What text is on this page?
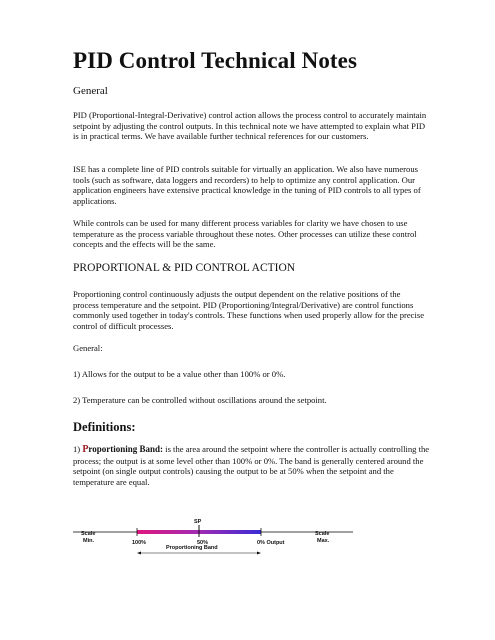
PID Control Technical Notes
General

PID (Proportional-Integral-Derivative) control action allows the process control to accurately maintain setpoint by adjusting the control outputs. In this technical note we have attempted to explain what PID is in practical terms. We have available further technical references for our customers.

ISE has a complete line of PID controls suitable for virtually an application. We also have numerous tools (such as software, data loggers and recorders) to help to optimize any control application. Our application engineers have extensive practical knowledge in the tuning of PID controls to all types of applications.

While controls can be used for many different process variables for clarity we have chosen to use temperature as the process variable throughout these notes. Other processes can utilize these control concepts and the effects will be the same.

PROPORTIONAL & PID CONTROL ACTION

Proportioning control continuously adjusts the output dependent on the relative positions of the process temperature and the setpoint. PID (Proportioning/Integral/Derivative) are control functions commonly used together in today's controls. These functions when used properly allow for the precise control of difficult processes.

General:
1) Allows for the output to be a value other than 100% or 0%.
2) Temperature can be controlled without oscillations around the setpoint.
Definitions:
1) Proportioning Band: is the area around the setpoint where the controller is actually controlling the process; the output is at some level other than 100% or 0%. The band is generally centered around the setpoint (on single output controls) causing the output to be at 50% when the setpoint and the temperature are equal.
Scale
Min.
Scale
Max.
SP
100%	50%	0% Output
Proportioning Band
